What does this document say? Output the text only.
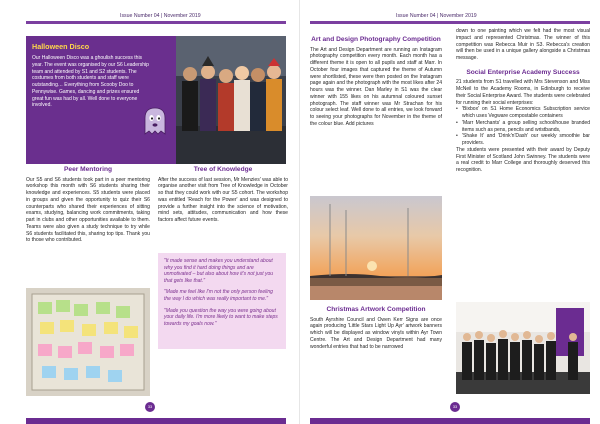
Issue Number 04 | November 2019
Halloween Disco
Our Halloween Disco was a ghoulish success this year. The event was organised by our S6 Leadership team and attended by S1 and S2 students. The costumes from both students and staff were outstanding… Everything from Scooby Doo to Pennywise. Games, dancing and prizes ensured great fun was had by all. Well done to everyone involved.
Peer Mentoring
Our S5 and S6 students took part in a peer mentoring workshop this month with S6 students sharing their knowledge and experiences. S5 students were placed in groups and given the opportunity to quiz their S6 counterparts who shared their experiences of sitting exams, studying, balancing work commitments, taking part in clubs and other opportunities available to them. Teams were also given a study technique to try while S6 students facilitated this, sharing top tips. Thank you to those who contributed.
Tree of Knowledge
After the success of last session, Mr Menzies' was able to organise another visit from Tree of Knowledge in October so that they could work with our S5 cohort. The workshop was entitled 'Reach for the Power' and was designed to provide a further insight into the science of motivation, mind sets, attitudes, communication and how these factors affect future events.

"It made sense and makes you understand about why you find it hard doing things and are unmotivated – but also about how it's not just you that gets like that."

"Made me feel like I'm not the only person feeling the way I do which was really important to me."

"Made you question the way you were going about your daily life. I'm more likely to want to make steps towards my goals now."

33
Issue Number 04 | November 2019
Art and Design Photography Competition
The Art and Design Department are running an Instagram photography competition every month. Each month has a different theme it is open to all pupils and staff at Marr. In October four images that captured the theme of Autumn were shortlisted, these were then posted on the Instagram page again and the photograph with the most likes after 24 hours was the winner. Dan Marley in S1 was the clear winner with 155 likes on his autumnal coloured sunset photograph. The staff winner was Mr Strachan for his colour select leaf. Well done to all entries, we look forward to seeing your photographs for November in the theme of the colour blue. Add pictures
Christmas Artwork Competition
South Ayrshire Council and Owen Kerr Signs are once again producing 'Little Stars Light Up Ayr' artwork banners which will be displayed as window vinyls within Ayr Town Centre. The Art and Design Department had many wonderful entries that had to be narrowed
down to one painting which we felt had the most visual impact and represented Christmas. The winner of this competition was Rebecca Muir in S3. Rebecca's creation will then be used in a unique gallery alongside a Christmas message.
Social Enterprise Academy Success
21 students from S1 travelled with Mrs Stevenson and Miss McNeil to the Academy Rooms, in Edinburgh to receive their Social Enterprise Award. The students were celebrated for running their social enterprises:
• 'Bixbox' on S1 Home Economics Subscription service which uses Vegware compostable containers
• 'Marr Merchants' a group selling school/house branded items such as pens, pencils and wristbands,
• 'Shake It' and 'Drink'n'Dash' our weekly smoothie bar providers.
The students were presented with their award by Deputy First Minister of Scotland John Swinney. The students were a real credit to Marr College and thoroughly deserved this recognition.
33
